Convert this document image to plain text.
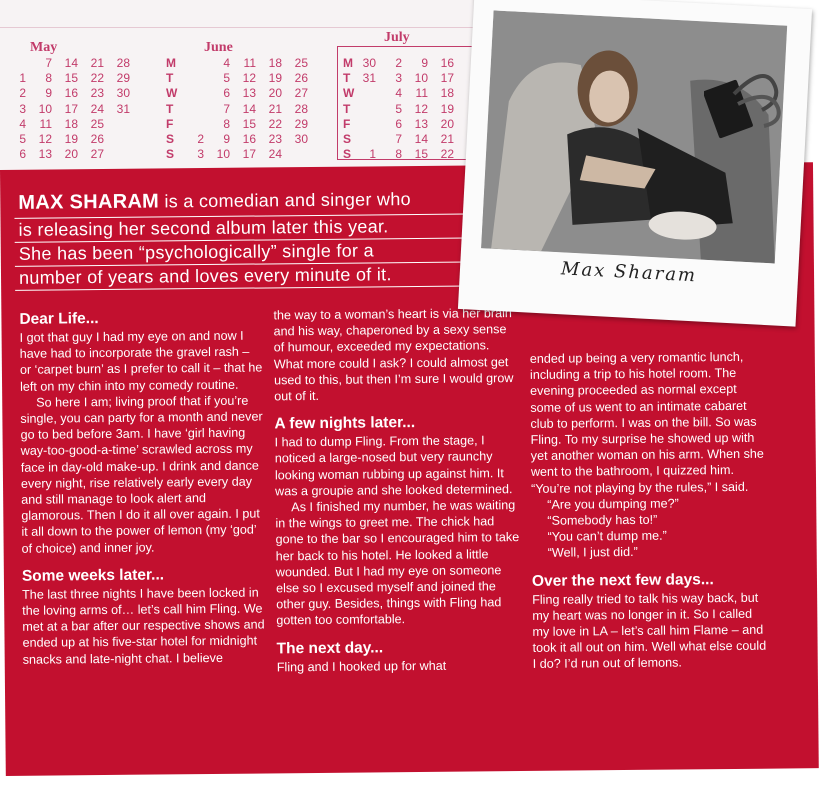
May	June
July

1
2
3
4
5
6
7
8
9
10
11
12
13
14
15
16
17
18
19
20
21
22
23
24
25
26
27
28
29
30
31

M
T
W
T
F
S
S

2
3
4
5
6
7
8
9
10
11
12
13
14
15
16
17
18
19
20
21
22
23
24
25
26
27
28
29
30

M
T
W
T
F
S
S
30
31

1
2
3
4
5
6
7
8
9
10
11
12
13
14
15
16
17
18
19
20
21
22
MAX SHARAM is a comedian and singer who
is releasing her second album later this year.
She has been “psychologically” single for a
number of years and loves every minute of it.

Dear Life...

I got that guy I had my eye on and now I have had to incorporate the gravel rash – or ‘carpet burn’ as I prefer to call it – that he left on my chin into my comedy routine.

So here I am; living proof that if you’re single, you can party for a month and never go to bed before 3am. I have ‘girl having way-too-good-a-time’ scrawled across my face in day-old make-up. I drink and dance every night, rise relatively early every day and still manage to look alert and glamorous. Then I do it all over again. I put it all down to the power of lemon (my ‘god’ of choice) and inner joy.

Some weeks later...

The last three nights I have been locked in the loving arms of… let’s call him Fling. We met at a bar after our respective shows and ended up at his five-star hotel for midnight snacks and late-night chat. I believe

the way to a woman’s heart is via her brain and his way, chaperoned by a sexy sense of humour, exceeded my expectations. What more could I ask? I could almost get used to this, but then I’m sure I would grow out of it.

A few nights later...

I had to dump Fling. From the stage, I noticed a large-nosed but very raunchy looking woman rubbing up against him. It was a groupie and she looked determined.

As I finished my number, he was waiting in the wings to greet me. The chick had gone to the bar so I encouraged him to take her back to his hotel. He looked a little wounded. But I had my eye on someone else so I excused myself and joined the other guy. Besides, things with Fling had gotten too comfortable.

The next day...

Fling and I hooked up for what

ended up being a very romantic lunch, including a trip to his hotel room. The evening proceeded as normal except some of us went to an intimate cabaret club to perform. I was on the bill. So was Fling. To my surprise he showed up with yet another woman on his arm. When she went to the bathroom, I quizzed him. “You’re not playing by the rules,” I said.

“Are you dumping me?”

“Somebody has to!”

“You can’t dump me.”

“Well, I just did.”

Over the next few days...

Fling really tried to talk his way back, but my heart was no longer in it. So I called my love in LA – let’s call him Flame – and took it all out on him. Well what else could I do? I’d run out of lemons.

Max Sharam
